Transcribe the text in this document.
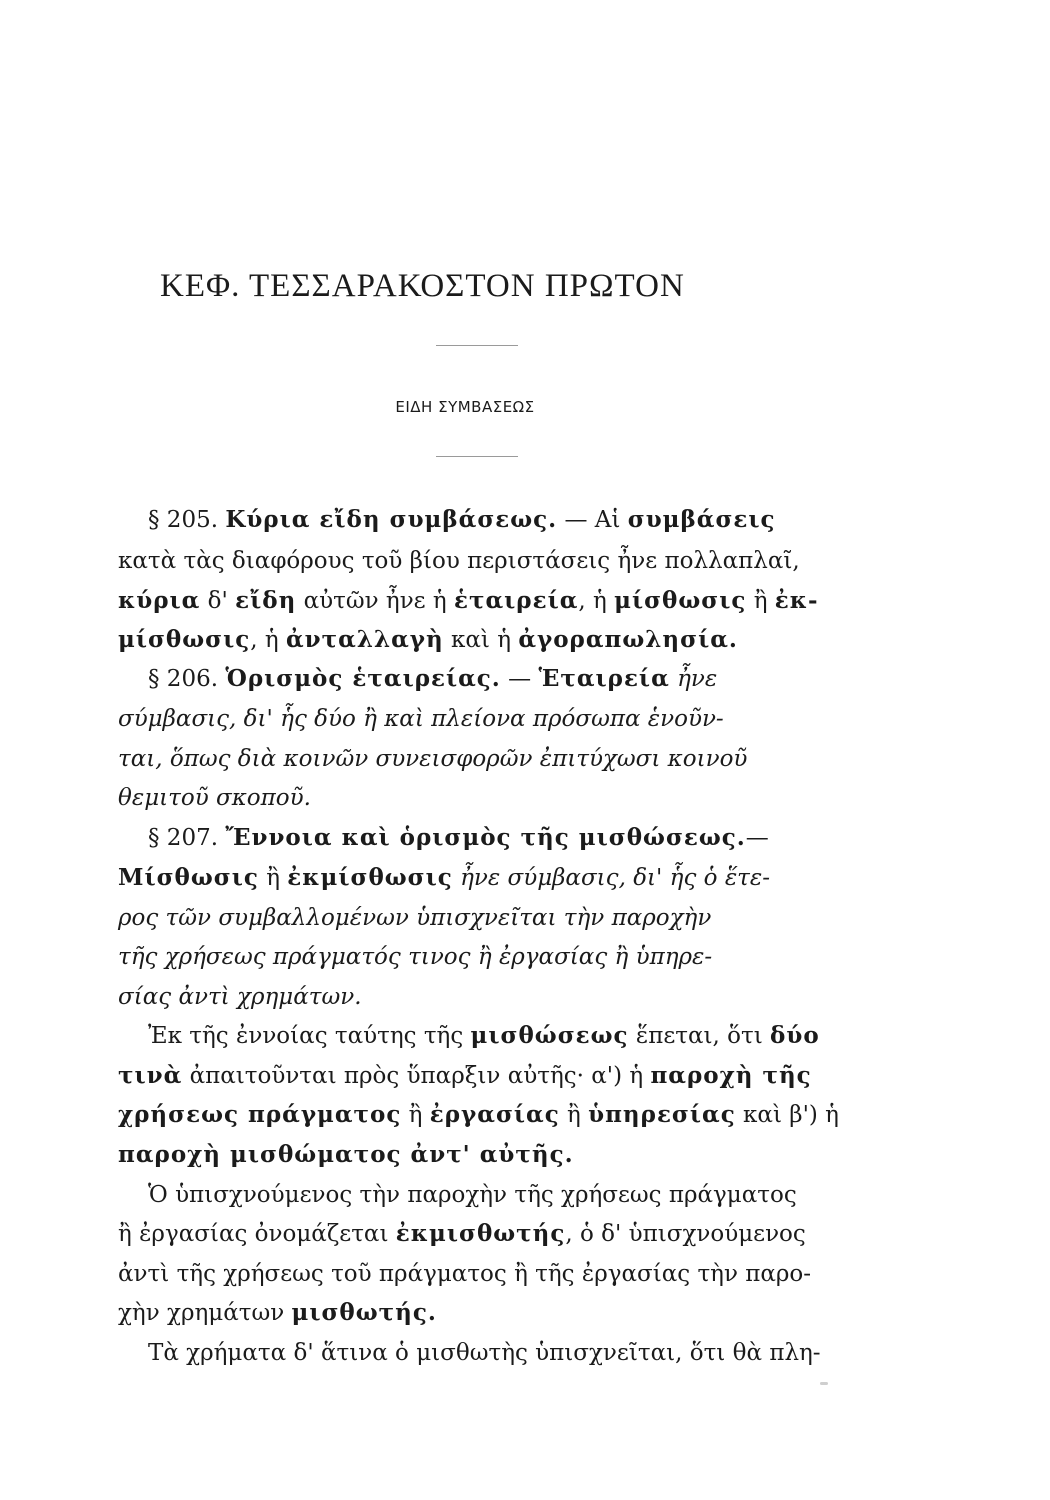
ΚΕΦ. ΤΕΣΣΑΡΑΚΟΣΤΟΝ ΠΡΩΤΟΝ
ΕΙΔΗ ΣΥΜΒΑΣΕΩΣ
§ 205. Κύρια εἴδη συμβάσεως. — Αἱ συμβάσεις
κατὰ τὰς διαφόρους τοῦ βίου περιστάσεις ἦνε πολλαπλαῖ,
κύρια δ' εἴδη αὐτῶν ἦνε ἡ ἑταιρεία, ἡ μίσθωσις ἢ ἐκ-
μίσθωσις, ἡ ἀνταλλαγὴ καὶ ἡ ἀγοραπωλησία.
§ 206. Ὁρισμὸς ἑταιρείας. — Ἑταιρεία ἦνε
σύμβασις, δι' ἧς δύο ἢ καὶ πλείονα πρόσωπα ἑνοῦν-
ται, ὅπως διὰ κοινῶν συνεισφορῶν ἐπιτύχωσι κοινοῦ
θεμιτοῦ σκοποῦ.
§ 207. Ἔννοια καὶ ὁρισμὸς τῆς μισθώσεως.—
Μίσθωσις ἢ ἐκμίσθωσις ἦνε σύμβασις, δι' ἧς ὁ ἕτε-
ρος τῶν συμβαλλομένων ὑπισχνεῖται τὴν παροχὴν
τῆς χρήσεως πράγματός τινος ἢ ἐργασίας ἢ ὑπηρε-
σίας ἀντὶ χρημάτων.
Ἐκ τῆς ἐννοίας ταύτης τῆς μισθώσεως ἕπεται, ὅτι δύο
τινὰ ἀπαιτοῦνται πρὸς ὕπαρξιν αὐτῆς· α') ἡ παροχὴ τῆς
χρήσεως πράγματος ἢ ἐργασίας ἢ ὑπηρεσίας καὶ β') ἡ
παροχὴ μισθώματος ἀντ' αὐτῆς.
Ὁ ὑπισχνούμενος τὴν παροχὴν τῆς χρήσεως πράγματος
ἢ ἐργασίας ὀνομάζεται ἐκμισθωτής, ὁ δ' ὑπισχνούμενος
ἀντὶ τῆς χρήσεως τοῦ πράγματος ἢ τῆς ἐργασίας τὴν παρο-
χὴν χρημάτων μισθωτής.
Τὰ χρήματα δ' ἅτινα ὁ μισθωτὴς ὑπισχνεῖται, ὅτι θὰ πλη-
